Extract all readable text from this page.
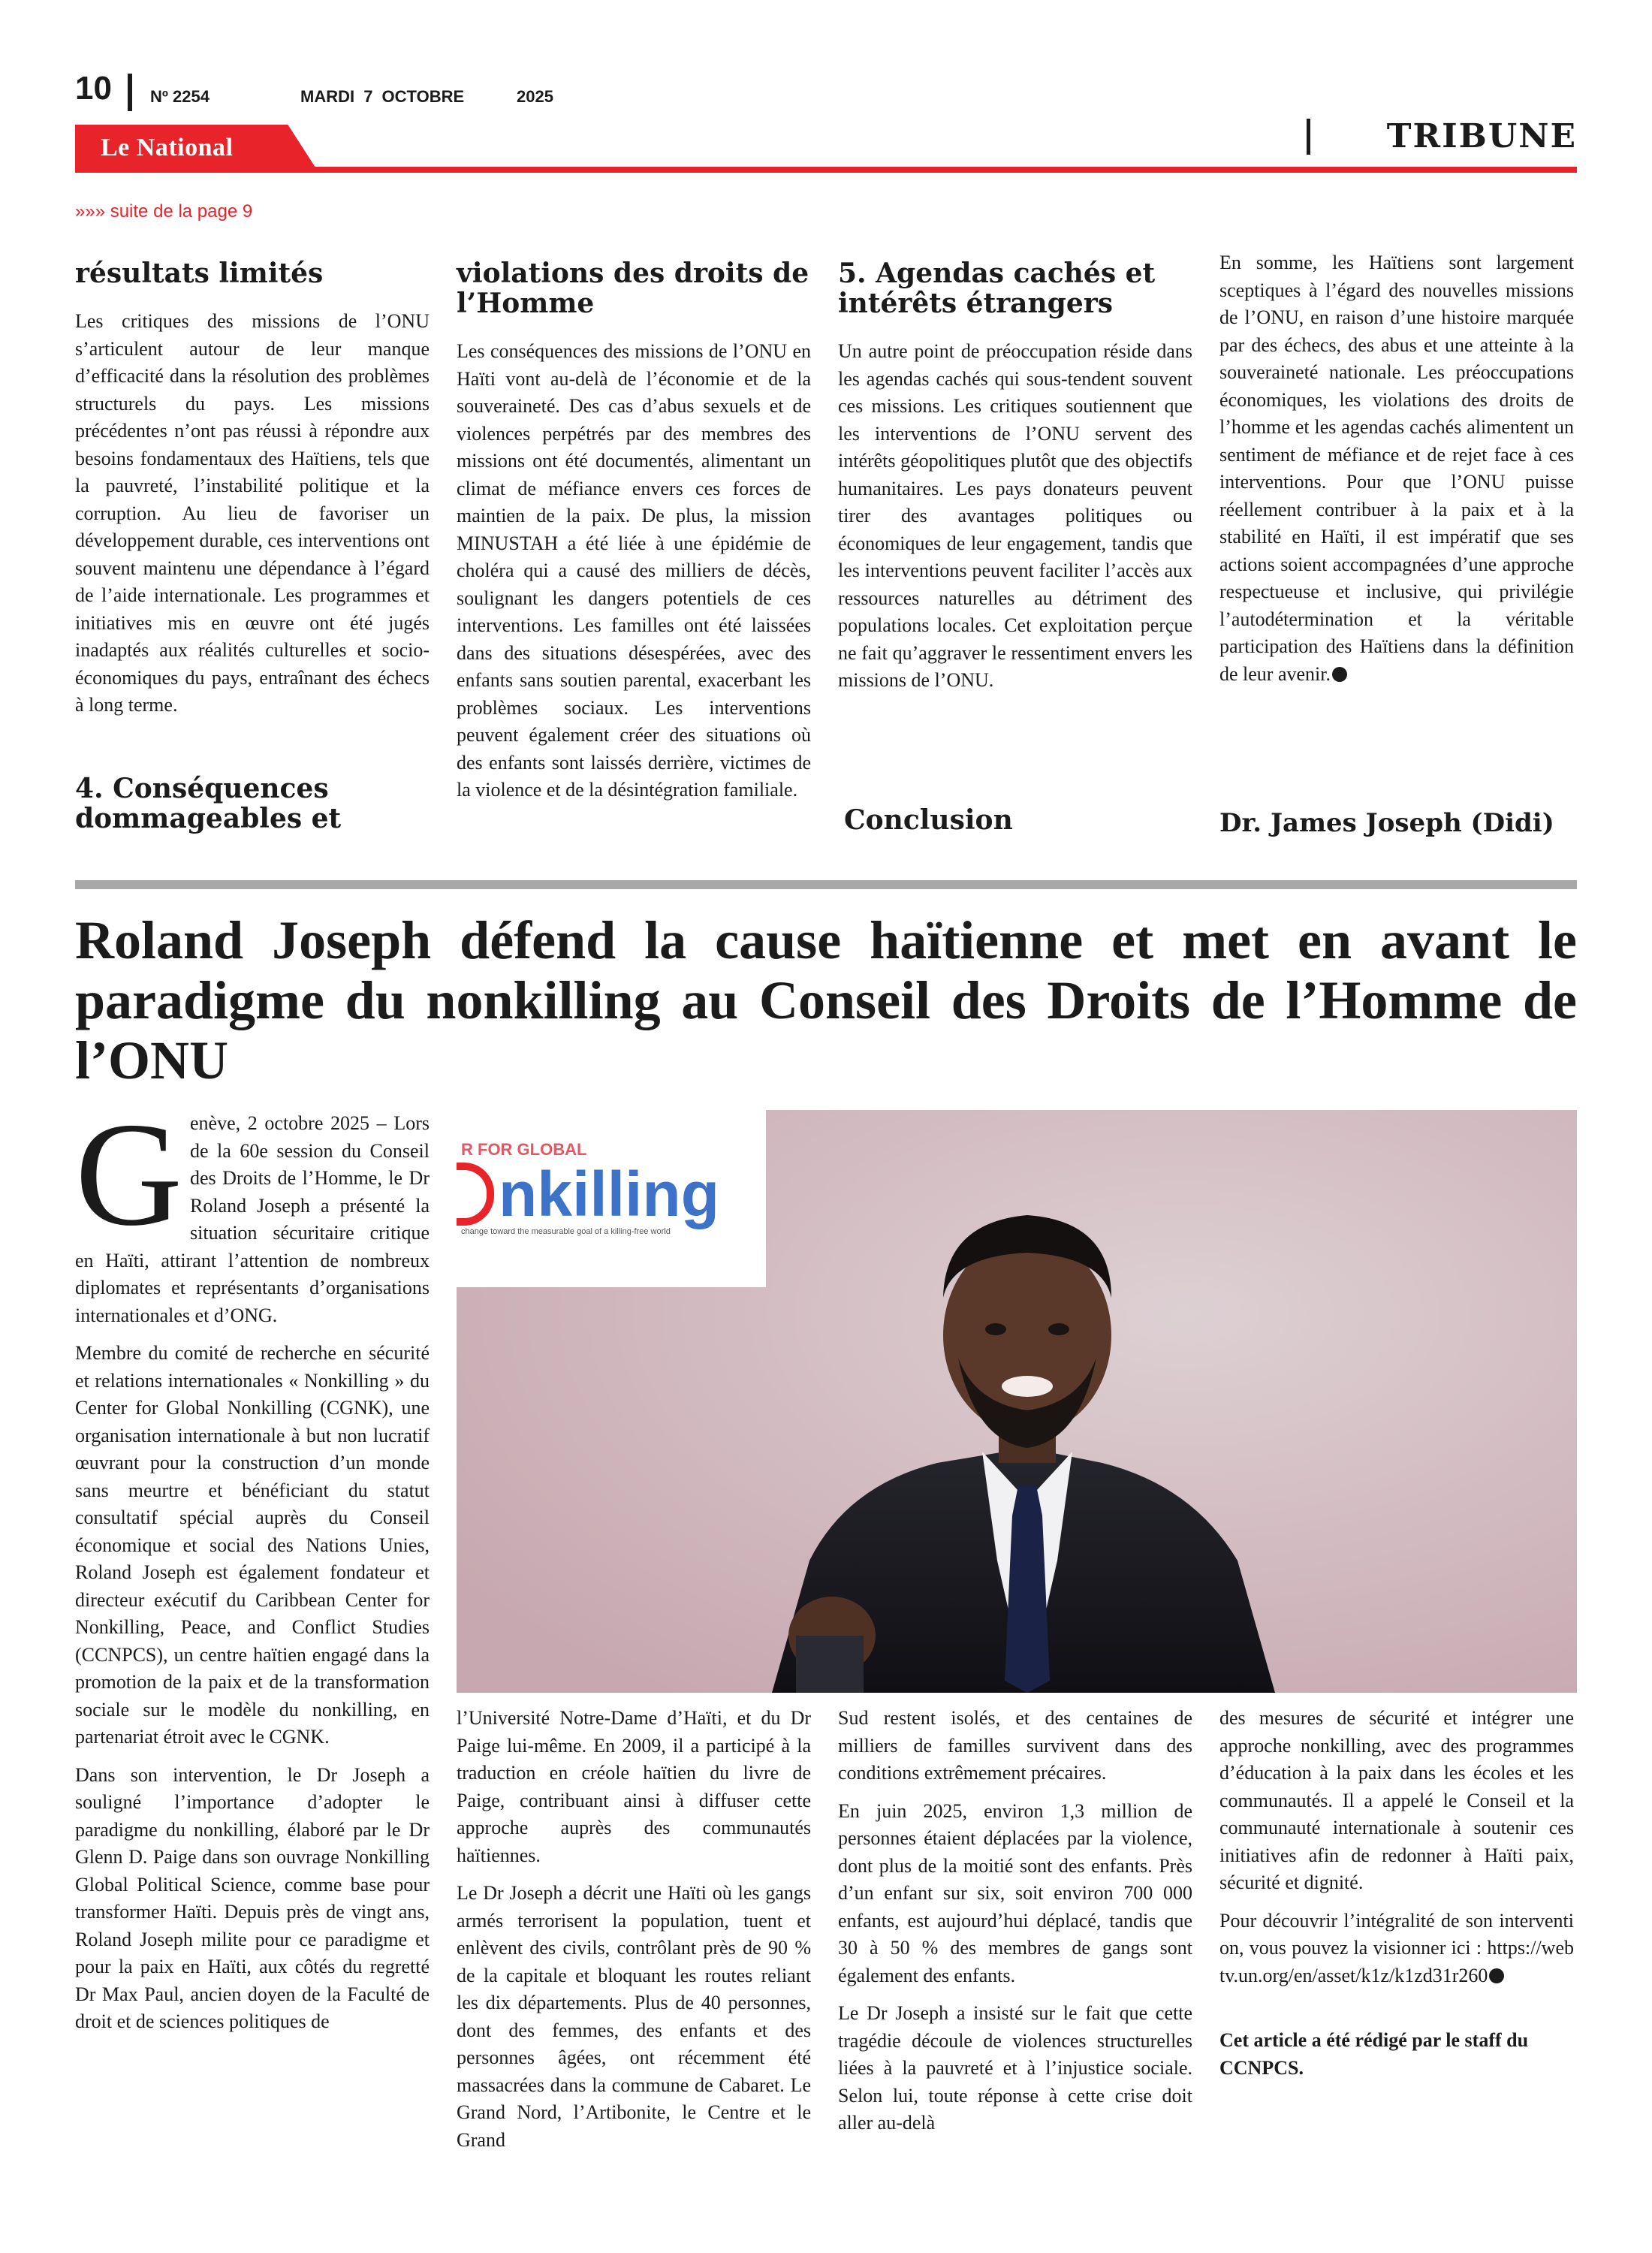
10 Nº 2254	MARDI 7 OCTOBRE	2025
Le National	TRIBUNE
»»» suite de la page 9
résultats limités

Les critiques des missions de l’ONU s’articulent autour de leur manque d’efficacité dans la résolution des problèmes structurels du pays. Les missions précédentes n’ont pas réussi à répondre aux besoins fondamentaux des Haïtiens, tels que la pauvreté, l’instabilité politique et la corruption. Au lieu de favoriser un développement durable, ces interventions ont souvent maintenu une dépendance à l’égard de l’aide internationale. Les programmes et initiatives mis en œuvre ont été jugés inadaptés aux réalités culturelles et socio-économiques du pays, entraînant des échecs à long terme.

4. Conséquences dommageables et
violations des droits de l’Homme

Les conséquences des missions de l’ONU en Haïti vont au-delà de l’économie et de la souveraineté. Des cas d’abus sexuels et de violences perpétrés par des membres des missions ont été documentés, alimentant un climat de méfiance envers ces forces de maintien de la paix. De plus, la mission MINUSTAH a été liée à une épidémie de choléra qui a causé des milliers de décès, soulignant les dangers potentiels de ces interventions. Les familles ont été laissées dans des situations désespérées, avec des enfants sans soutien parental, exacerbant les problèmes sociaux. Les interventions peuvent également créer des situations où des enfants sont laissés derrière, victimes de la violence et de la désintégration familiale.

5. Agendas cachés et intérêts étrangers

Un autre point de préoccupation réside dans les agendas cachés qui sous-tendent souvent ces missions. Les critiques soutiennent que les interventions de l’ONU servent des intérêts géopolitiques plutôt que des objectifs humanitaires. Les pays donateurs peuvent tirer des avantages politiques ou économiques de leur engagement, tandis que les interventions peuvent faciliter l’accès aux ressources naturelles au détriment des populations locales. Cet exploitation perçue ne fait qu’aggraver le ressentiment envers les missions de l’ONU.

Conclusion

En somme, les Haïtiens sont largement sceptiques à l’égard des nouvelles missions de l’ONU, en raison d’une histoire marquée par des échecs, des abus et une atteinte à la souveraineté nationale. Les préoccupations économiques, les violations des droits de l’homme et les agendas cachés alimentent un sentiment de méfiance et de rejet face à ces interventions. Pour que l’ONU puisse réellement contribuer à la paix et à la stabilité en Haïti, il est impératif que ses actions soient accompagnées d’une approche respectueuse et inclusive, qui privilégie l’autodétermination et la véritable participation des Haïtiens dans la définition de leur avenir.

Dr. James Joseph (Didi)
Roland Joseph défend la cause haïtienne et met en avant le paradigme du nonkilling au Conseil des Droits de l’Homme de l’ONU

Genève, 2 octobre 2025 – Lors de la 60e session du Conseil des Droits de l’Homme, le Dr Roland Joseph a présenté la situation sécuritaire critique en Haïti, attirant l’attention de nombreux diplomates et représentants d’organisations internationales et d’ONG.

Membre du comité de recherche en sécurité et relations internationales « Nonkilling » du Center for Global Nonkilling (CGNK), une organisation internationale à but non lucratif œuvrant pour la construction d’un monde sans meurtre et bénéficiant du statut consultatif spécial auprès du Conseil économique et social des Nations Unies, Roland Joseph est également fondateur et directeur exécutif du Caribbean Center for Nonkilling, Peace, and Conflict Studies (CCNPCS), un centre haïtien engagé dans la promotion de la paix et de la transformation sociale sur le modèle du nonkilling, en partenariat étroit avec le CGNK.

Dans son intervention, le Dr Joseph a souligné l’importance d’adopter le paradigme du nonkilling, élaboré par le Dr Glenn D. Paige dans son ouvrage Nonkilling Global Political Science, comme base pour transformer Haïti. Depuis près de vingt ans, Roland Joseph milite pour ce paradigme et pour la paix en Haïti, aux côtés du regretté Dr Max Paul, ancien doyen de la Faculté de droit et de sciences politiques de

R FOR GLOBAL
nkilling
change toward the measurable goal of a killing-free world

l’Université Notre-Dame d’Haïti, et du Dr Paige lui-même. En 2009, il a participé à la traduction en créole haïtien du livre de Paige, contribuant ainsi à diffuser cette approche auprès des communautés haïtiennes.

Le Dr Joseph a décrit une Haïti où les gangs armés terrorisent la population, tuent et enlèvent des civils, contrôlant près de 90 % de la capitale et bloquant les routes reliant les dix départements. Plus de 40 personnes, dont des femmes, des enfants et des personnes âgées, ont récemment été massacrées dans la commune de Cabaret. Le Grand Nord, l’Artibonite, le Centre et le Grand

Sud restent isolés, et des centaines de milliers de familles survivent dans des conditions extrêmement précaires.

En juin 2025, environ 1,3 million de personnes étaient déplacées par la violence, dont plus de la moitié sont des enfants. Près d’un enfant sur six, soit environ 700 000 enfants, est aujourd’hui déplacé, tandis que 30 à 50 % des membres de gangs sont également des enfants.

Le Dr Joseph a insisté sur le fait que cette tragédie découle de violences structurelles liées à la pauvreté et à l’injustice sociale. Selon lui, toute réponse à cette crise doit aller au-delà

des mesures de sécurité et intégrer une approche nonkilling, avec des programmes d’éducation à la paix dans les écoles et les communautés. Il a appelé le Conseil et la communauté internationale à soutenir ces initiatives afin de redonner à Haïti paix, sécurité et dignité.

Pour découvrir l’intégralité de son intervention, vous pouvez la visionner ici : https://webtv.un.org/en/asset/k1z/k1zd31r260

Cet article a été rédigé par le staff du CCNPCS.
